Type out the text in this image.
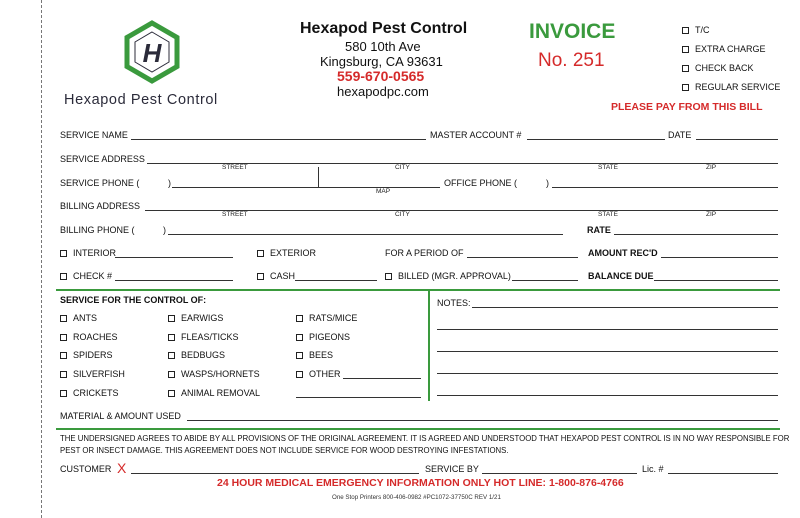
H
Hexapod Pest Control
Hexapod Pest Control
580 10th Ave
Kingsburg, CA 93631
559-670-0565
hexapodpc.com
INVOICE
No. 251
T/C
EXTRA CHARGE
CHECK BACK
REGULAR SERVICE
PLEASE PAY FROM THIS BILL
SERVICE NAME	MASTER ACCOUNT #	DATE
SERVICE ADDRESS
STREET	CITY	STATE	ZIP
SERVICE PHONE (	)
MAP
OFFICE PHONE (	)
BILLING ADDRESS
STREET	CITY	STATE	ZIP
BILLING PHONE (	)	RATE
INTERIOR	EXTERIOR	FOR A PERIOD OF	AMOUNT REC'D
CHECK #	CASH	BILLED (MGR. APPROVAL)	BALANCE DUE
SERVICE FOR THE CONTROL OF:
ANTS
ROACHES
SPIDERS
SILVERFISH
CRICKETS
EARWIGS
FLEAS/TICKS
BEDBUGS
WASPS/HORNETS
ANIMAL REMOVAL
RATS/MICE
PIGEONS
BEES
OTHER
NOTES:
MATERIAL & AMOUNT USED
THE UNDERSIGNED AGREES TO ABIDE BY ALL PROVISIONS OF THE ORIGINAL AGREEMENT. IT IS AGREED AND UNDERSTOOD THAT HEXAPOD PEST CONTROL IS IN NO WAY RESPONSIBLE FOR
PEST OR INSECT DAMAGE. THIS AGREEMENT DOES NOT INCLUDE SERVICE FOR WOOD DESTROYING INFESTATIONS.
CUSTOMER X	SERVICE BY	Lic. #
24 HOUR MEDICAL EMERGENCY INFORMATION ONLY HOT LINE: 1-800-876-4766
One Stop Printers 800-406-0982 #PC1072-37750C REV 1/21
